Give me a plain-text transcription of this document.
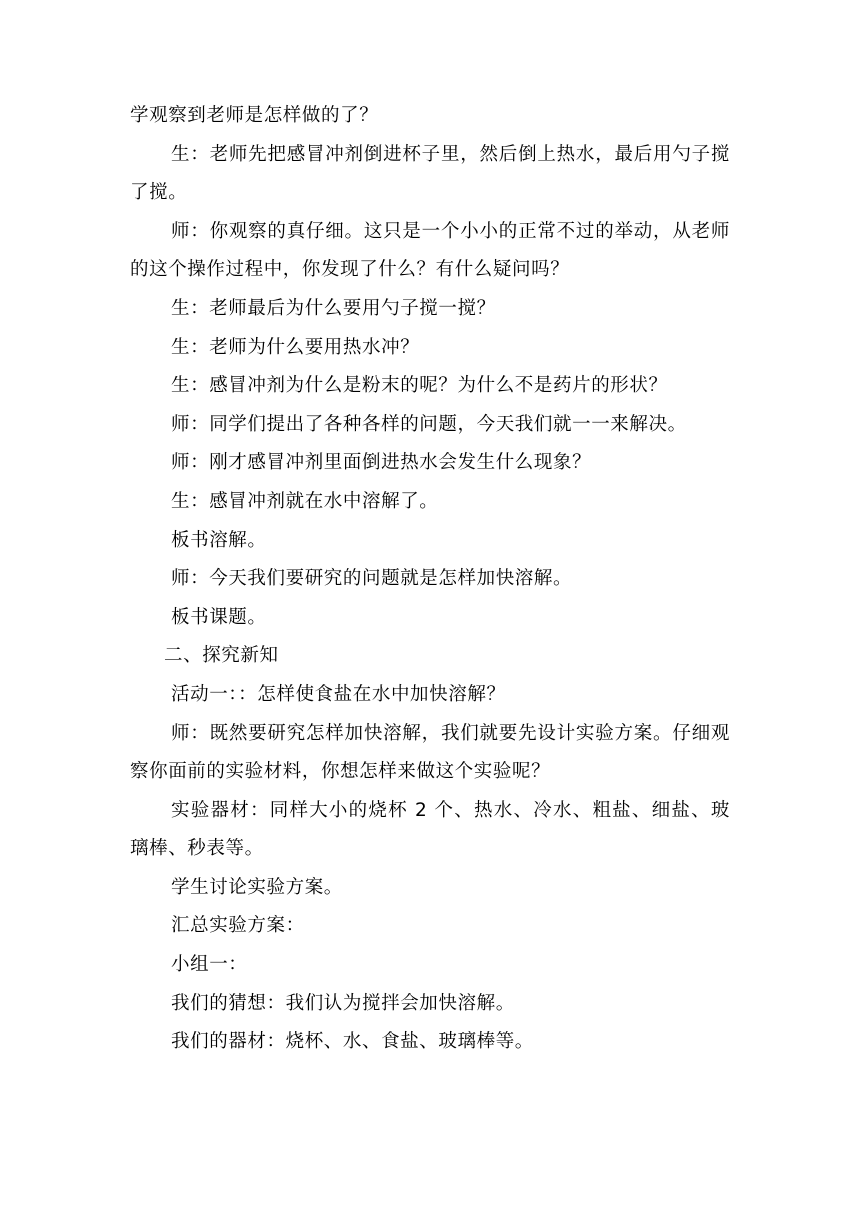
学观察到老师是怎样做的了？

生：老师先把感冒冲剂倒进杯子里，然后倒上热水，最后用勺子搅了搅。

师：你观察的真仔细。这只是一个小小的正常不过的举动，从老师的这个操作过程中，你发现了什么？有什么疑问吗？

生：老师最后为什么要用勺子搅一搅？

生：老师为什么要用热水冲？

生：感冒冲剂为什么是粉末的呢？为什么不是药片的形状？

师：同学们提出了各种各样的问题，今天我们就一一来解决。

师：刚才感冒冲剂里面倒进热水会发生什么现象？

生：感冒冲剂就在水中溶解了。

板书溶解。

师：今天我们要研究的问题就是怎样加快溶解。

板书课题。

二、探究新知

活动一：：怎样使食盐在水中加快溶解？

师：既然要研究怎样加快溶解，我们就要先设计实验方案。仔细观察你面前的实验材料，你想怎样来做这个实验呢？

实验器材：同样大小的烧杯 2 个、热水、冷水、粗盐、细盐、玻璃棒、秒表等。

学生讨论实验方案。

汇总实验方案：

小组一：

我们的猜想：我们认为搅拌会加快溶解。

我们的器材：烧杯、水、食盐、玻璃棒等。
